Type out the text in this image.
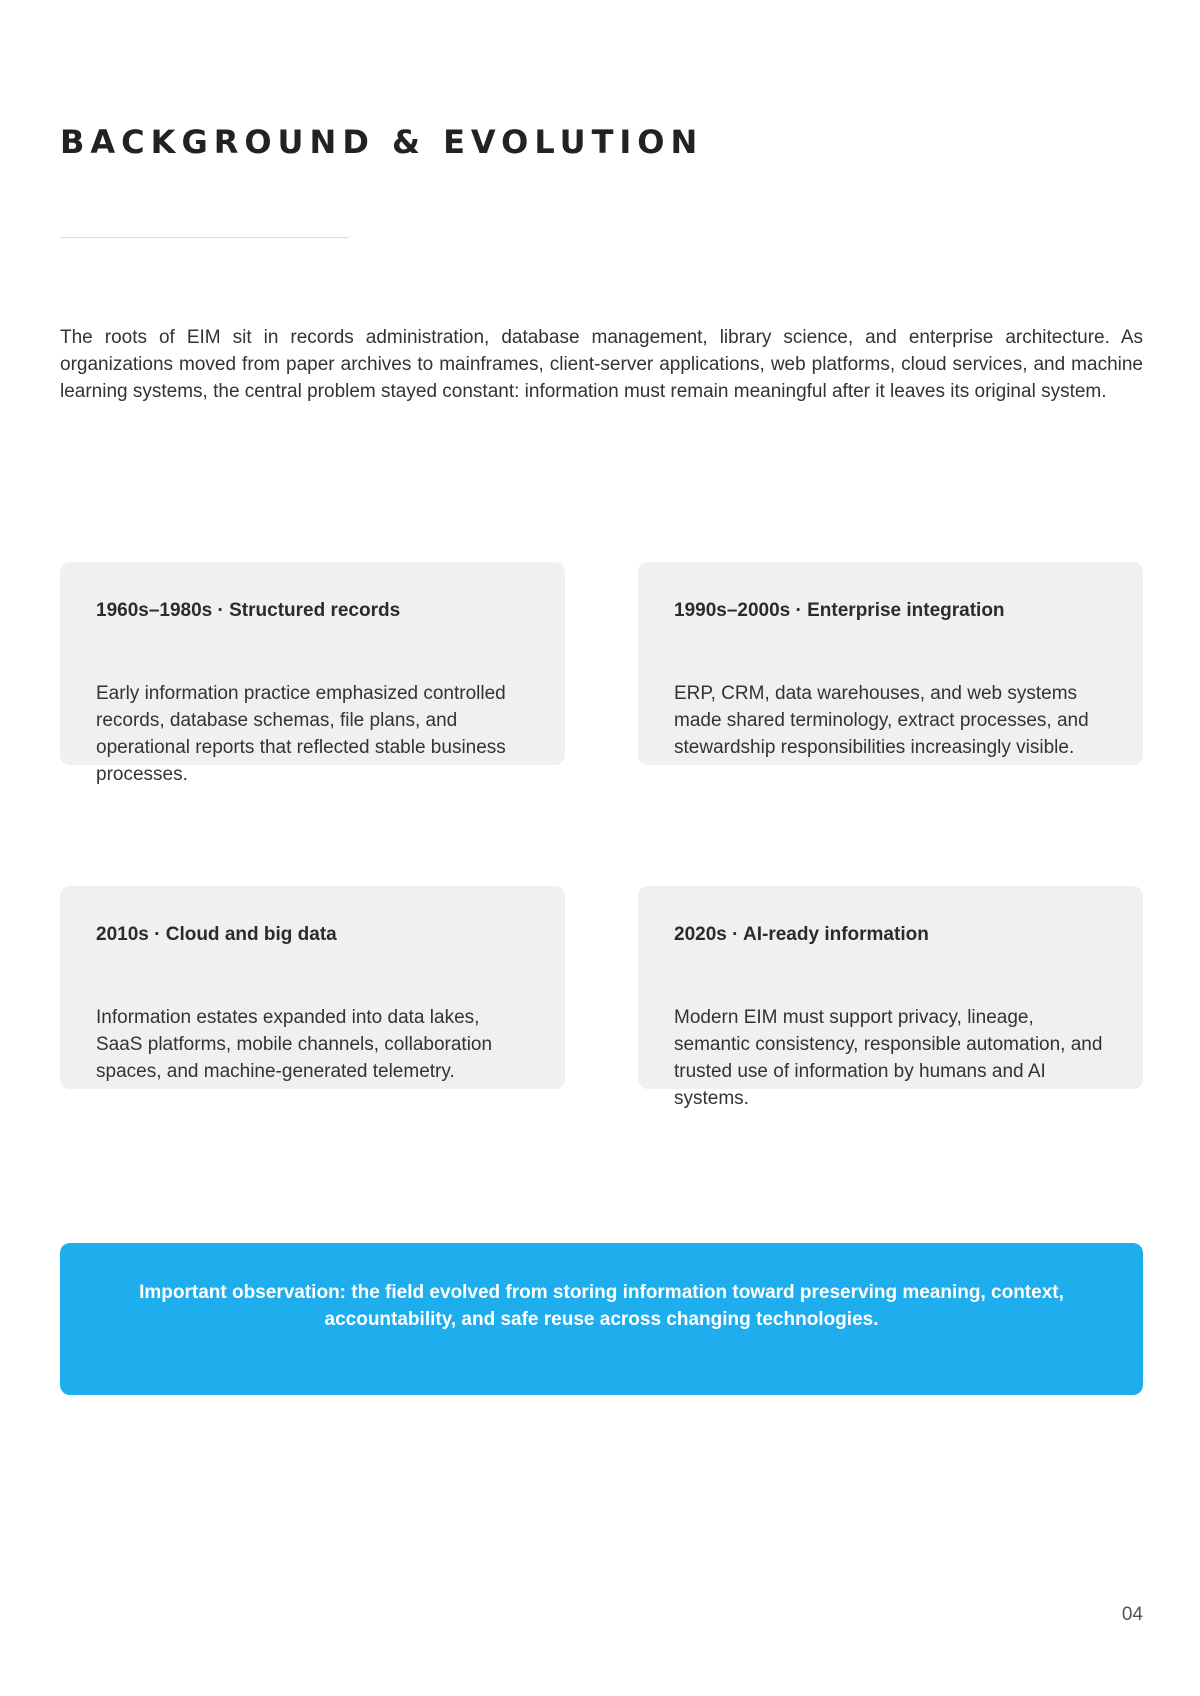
BACKGROUND & EVOLUTION

The roots of EIM sit in records administration, database management, library science, and enterprise architecture. As organizations moved from paper archives to mainframes, client-server applications, web platforms, cloud services, and machine learning systems, the central problem stayed constant: information must remain meaningful after it leaves its original system.

1960s–1980s · Structured records

Early information practice emphasized controlled records, database schemas, file plans, and operational reports that reflected stable business processes.

1990s–2000s · Enterprise integration

ERP, CRM, data warehouses, and web systems made shared terminology, extract processes, and stewardship responsibilities increasingly visible.

2010s · Cloud and big data

Information estates expanded into data lakes, SaaS platforms, mobile channels, collaboration spaces, and machine-generated telemetry.

2020s · AI-ready information

Modern EIM must support privacy, lineage, semantic consistency, responsible automation, and trusted use of information by humans and AI systems.

Important observation: the field evolved from storing information toward preserving meaning, context, accountability, and safe reuse across changing technologies.

04
